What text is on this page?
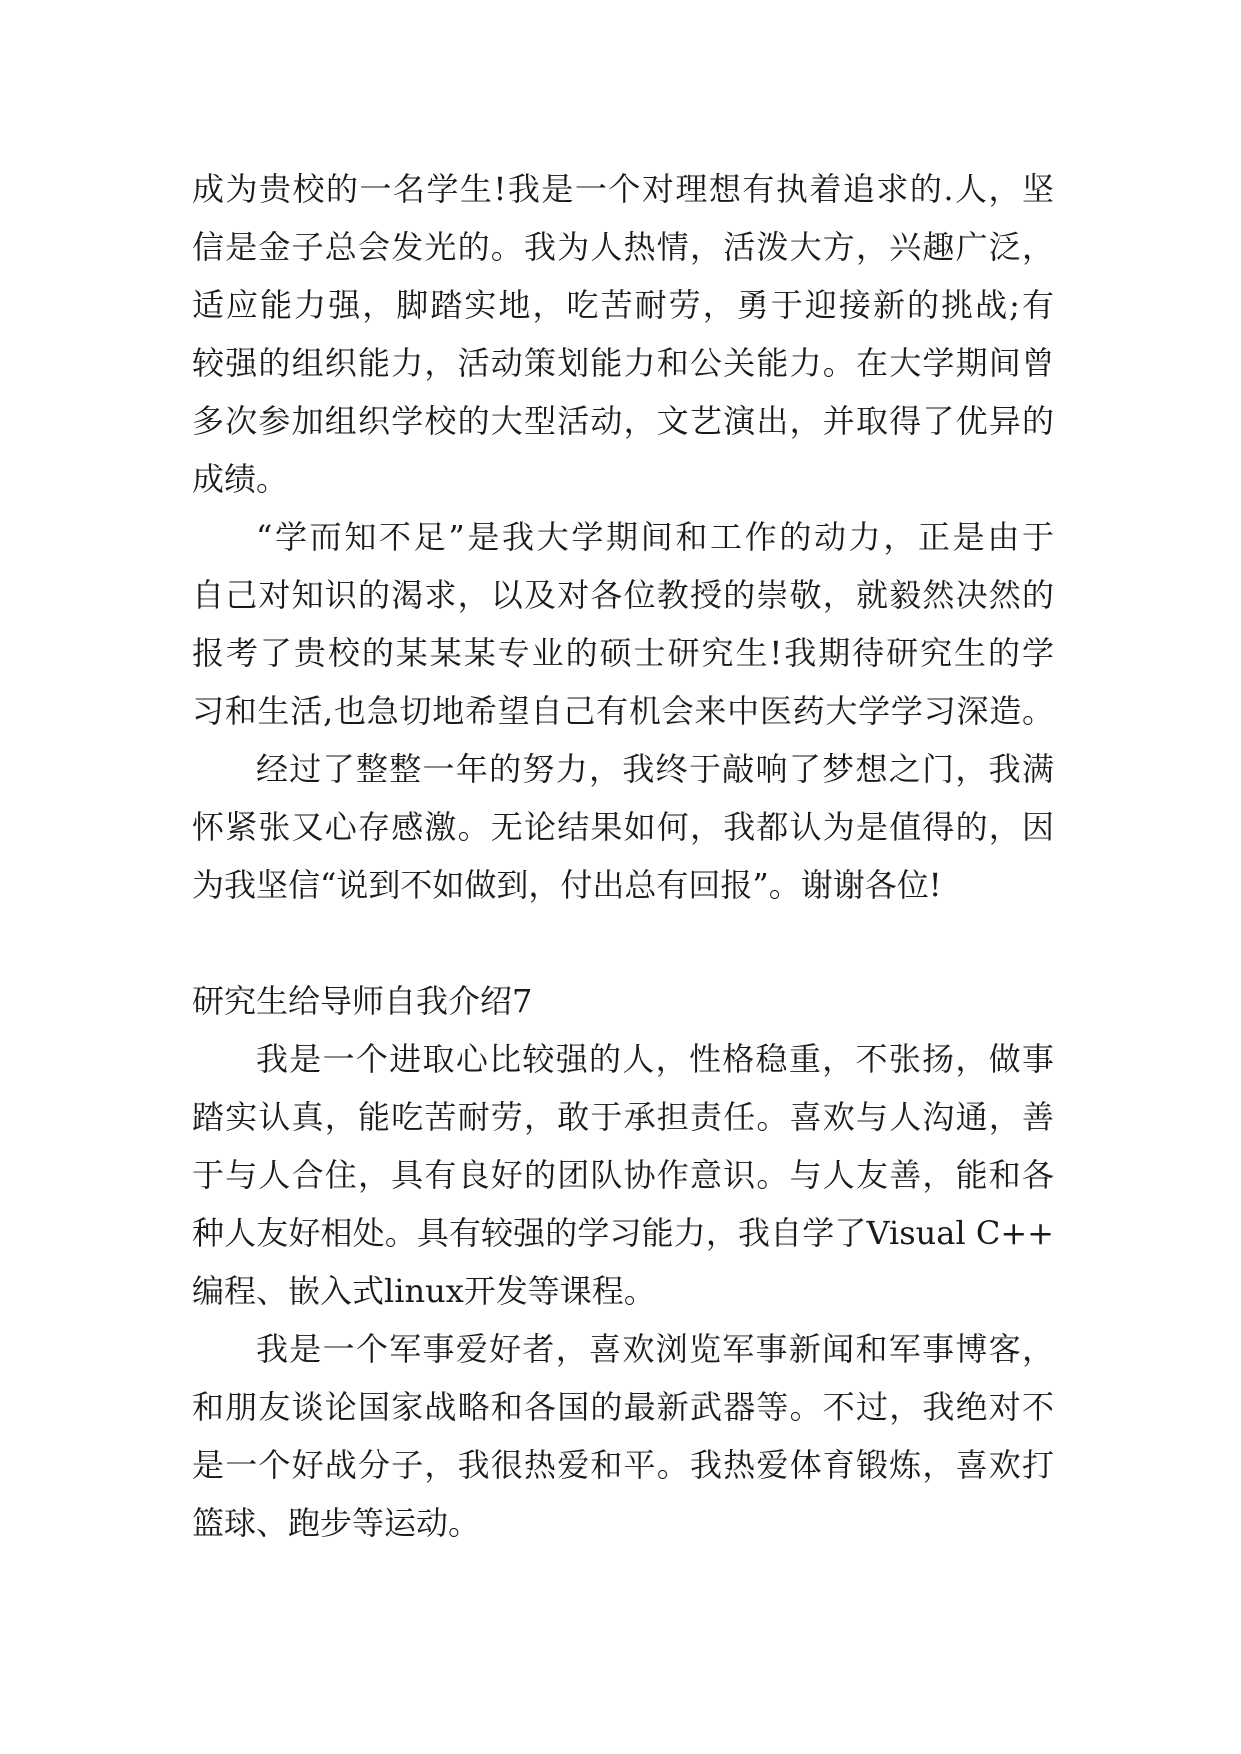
成为贵校的一名学生!我是一个对理想有执着追求的.人，坚
信是金子总会发光的。我为人热情，活泼大方，兴趣广泛，
适应能力强，脚踏实地，吃苦耐劳，勇于迎接新的挑战;有
较强的组织能力，活动策划能力和公关能力。在大学期间曾
多次参加组织学校的大型活动，文艺演出，并取得了优异的
成绩。
“学而知不足”是我大学期间和工作的动力，正是由于
自己对知识的渴求，以及对各位教授的崇敬，就毅然决然的
报考了贵校的某某某专业的硕士研究生!我期待研究生的学
习和生活,也急切地希望自己有机会来中医药大学学习深造。
经过了整整一年的努力，我终于敲响了梦想之门，我满
怀紧张又心存感激。无论结果如何，我都认为是值得的，因
为我坚信“说到不如做到，付出总有回报”。谢谢各位!
研究生给导师自我介绍7
我是一个进取心比较强的人，性格稳重，不张扬，做事
踏实认真，能吃苦耐劳，敢于承担责任。喜欢与人沟通，善
于与人合住，具有良好的团队协作意识。与人友善，能和各
种人友好相处。具有较强的学习能力，我自学了Visual C++
编程、嵌入式linux开发等课程。
我是一个军事爱好者，喜欢浏览军事新闻和军事博客，
和朋友谈论国家战略和各国的最新武器等。不过，我绝对不
是一个好战分子，我很热爱和平。我热爱体育锻炼，喜欢打
篮球、跑步等运动。
